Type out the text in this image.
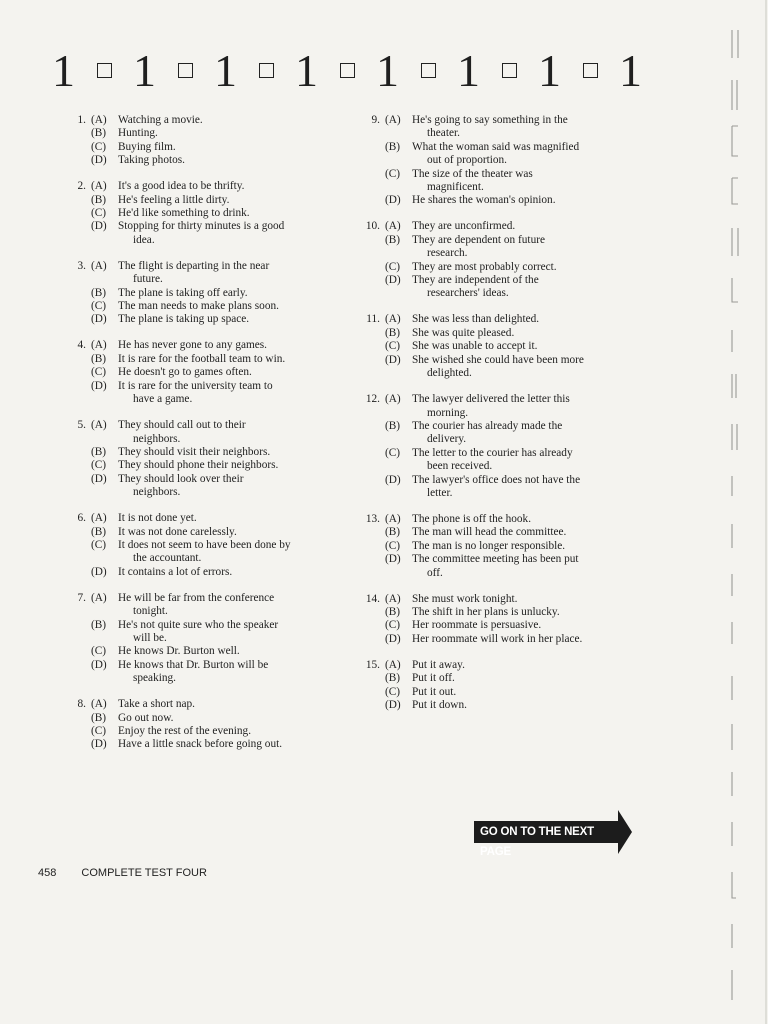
1 1 1 1 1 1 1 1
1. (A)	Watching a movie.
(B)	Hunting.
(C)	Buying film.
(D)	Taking photos.
2. (A)	It's a good idea to be thrifty.
(B)	He's feeling a little dirty.
(C)	He'd like something to drink.
(D)	Stopping for thirty minutes is a good
idea.
3. (A)	The flight is departing in the near
future.
(B)	The plane is taking off early.
(C)	The man needs to make plans soon.
(D)	The plane is taking up space.
4. (A)	He has never gone to any games.
(B)	It is rare for the football team to win.
(C)	He doesn't go to games often.
(D)	It is rare for the university team to
have a game.
5. (A)	They should call out to their
neighbors.
(B)	They should visit their neighbors.
(C)	They should phone their neighbors.
(D)	They should look over their
neighbors.
6. (A)	It is not done yet.
(B)	It was not done carelessly.
(C)	It does not seem to have been done by
the accountant.
(D)	It contains a lot of errors.
7. (A)	He will be far from the conference
tonight.
(B)	He's not quite sure who the speaker
will be.
(C)	He knows Dr. Burton well.
(D)	He knows that Dr. Burton will be
speaking.
8. (A)	Take a short nap.
(B)	Go out now.
(C)	Enjoy the rest of the evening.
(D)	Have a little snack before going out.
9. (A)	He's going to say something in the
theater.
(B)	What the woman said was magnified
out of proportion.
(C)	The size of the theater was
magnificent.
(D)	He shares the woman's opinion.
10. (A)	They are unconfirmed.
(B)	They are dependent on future
research.
(C)	They are most probably correct.
(D)	They are independent of the
researchers' ideas.
11. (A)	She was less than delighted.
(B)	She was quite pleased.
(C)	She was unable to accept it.
(D)	She wished she could have been more
delighted.
12. (A)	The lawyer delivered the letter this
morning.
(B)	The courier has already made the
delivery.
(C)	The letter to the courier has already
been received.
(D)	The lawyer's office does not have the
letter.
13. (A)	The phone is off the hook.
(B)	The man will head the committee.
(C)	The man is no longer responsible.
(D)	The committee meeting has been put
off.
14. (A)	She must work tonight.
(B)	The shift in her plans is unlucky.
(C)	Her roommate is persuasive.
(D)	Her roommate will work in her place.
15. (A)	Put it away.
(B)	Put it off.
(C)	Put it out.
(D)	Put it down.
GO ON TO THE NEXT PAGE
458 COMPLETE TEST FOUR
